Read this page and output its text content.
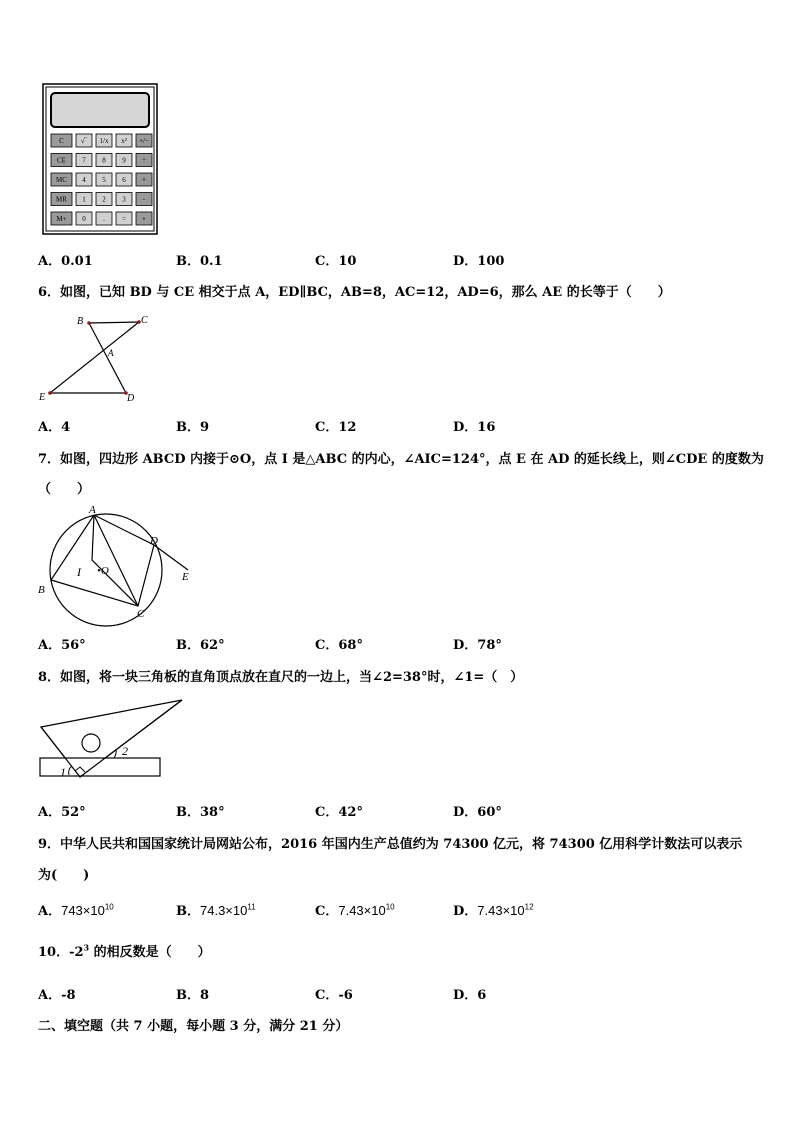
C √‾ 1/x x² +/−
CE 7 8 9 ÷
MC 4 5 6 ×
MR 1 2 3 −
M+ 0 . = +
A．0.01	B．0.1	C．10	D．100
6．如图，已知 BD 与 CE 相交于点 A，ED∥BC，AB=8，AC=12，AD=6，那么 AE 的长等于（　　）
B	C
A
E	D
A．4	B．9	C．12	D．16
7．如图，四边形 ABCD 内接于⊙O，点 I 是△ABC 的内心，∠AIC=124°，点 E 在 AD 的延长线上，则∠CDE 的度数为
（　　）
A
B
C
D
E
I •O
A．56°	B．62°	C．68°	D．78°
8．如图，将一块三角板的直角顶点放在直尺的一边上，当∠2=38°时，∠1=（　）
2
1
A．52°	B．38°	C．42°	D．60°
9．中华人民共和国国家统计局网站公布，2016 年国内生产总值约为 74300 亿元，将 74300 亿用科学计数法可以表示
为(　　)
A．$743\times 10^{10}$	B．$74.3\times 10^{11}$	C．$7.43\times 10^{10}$	D．$7.43\times 10^{12}$
10．$-2^3$ 的相反数是（　　）
A．-8	B．8	C．-6	D．6
二、填空题（共 7 小题，每小题 3 分，满分 21 分）
